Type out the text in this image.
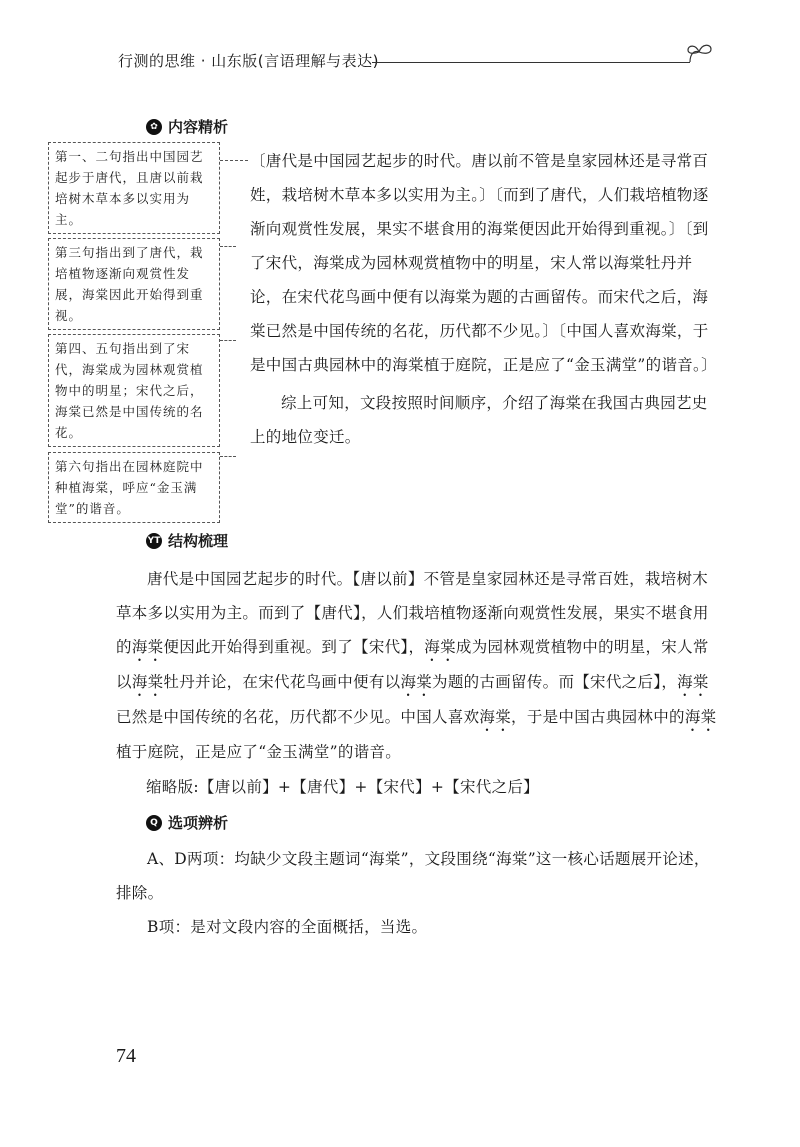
行测的思维 · 山东版(言语理解与表达)
✿ 内容精析
第一、二句指出中国园艺起步于唐代，且唐以前栽培树木草本多以实用为主。
第三句指出到了唐代，栽培植物逐渐向观赏性发展，海棠因此开始得到重视。
第四、五句指出到了宋代，海棠成为园林观赏植物中的明星；宋代之后，海棠已然是中国传统的名花。
第六句指出在园林庭院中种植海棠，呼应“金玉满堂”的谐音。

〔唐代是中国园艺起步的时代。唐以前不管是皇家园林还是寻常百姓，栽培树木草本多以实用为主。〕〔而到了唐代，人们栽培植物逐渐向观赏性发展，果实不堪食用的海棠便因此开始得到重视。〕〔到了宋代，海棠成为园林观赏植物中的明星，宋人常以海棠牡丹并论，在宋代花鸟画中便有以海棠为题的古画留传。而宋代之后，海棠已然是中国传统的名花，历代都不少见。〕〔中国人喜欢海棠，于是中国古典园林中的海棠植于庭院，正是应了“金玉满堂”的谐音。〕

综上可知，文段按照时间顺序，介绍了海棠在我国古典园艺史上的地位变迁。
YT 结构梳理
唐代是中国园艺起步的时代。【唐以前】不管是皇家园林还是寻常百姓，栽培树木草本多以实用为主。而到了【唐代】，人们栽培植物逐渐向观赏性发展，果实不堪食用的海棠便因此开始得到重视。到了【宋代】，海棠成为园林观赏植物中的明星，宋人常以海棠牡丹并论，在宋代花鸟画中便有以海棠为题的古画留传。而【宋代之后】，海棠已然是中国传统的名花，历代都不少见。中国人喜欢海棠，于是中国古典园林中的海棠植于庭院，正是应了“金玉满堂”的谐音。
缩略版:【唐以前】+【唐代】+【宋代】+【宋代之后】
Q 选项辨析
A、D两项：均缺少文段主题词“海棠”，文段围绕“海棠”这一核心话题展开论述，排除。
B项：是对文段内容的全面概括，当选。
74
